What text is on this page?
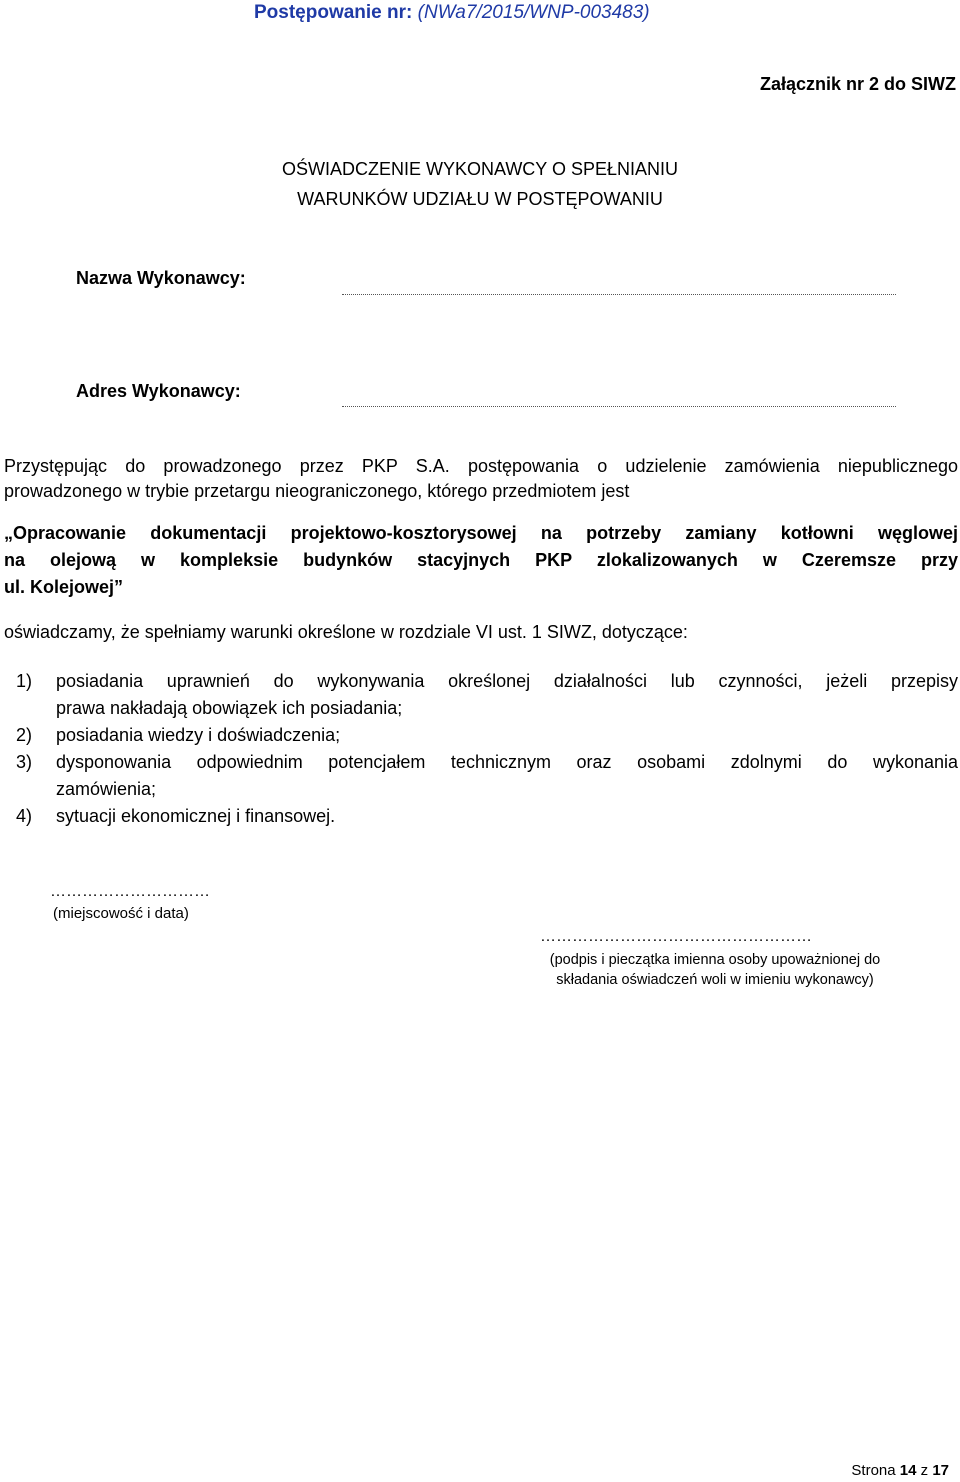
Postępowanie nr: (NWa7/2015/WNP-003483)
Załącznik nr 2 do SIWZ
OŚWIADCZENIE WYKONAWCY O SPEŁNIANIU
WARUNKÓW UDZIAŁU W POSTĘPOWANIU
Nazwa Wykonawcy:
Adres Wykonawcy:
Przystępując do prowadzonego przez PKP S.A. postępowania o udzielenie zamówienia niepublicznego
prowadzonego w trybie przetargu nieograniczonego, którego przedmiotem jest
„Opracowanie dokumentacji projektowo-kosztorysowej na potrzeby zamiany kotłowni węglowej
na olejową w kompleksie budynków stacyjnych PKP zlokalizowanych w Czeremsze przy
ul. Kolejowej”
oświadczamy, że spełniamy warunki określone w rozdziale VI ust. 1 SIWZ, dotyczące:
1) posiadania uprawnień do wykonywania określonej działalności lub czynności, jeżeli przepisy
prawa nakładają obowiązek ich posiadania;
2) posiadania wiedzy i doświadczenia;
3) dysponowania odpowiednim potencjałem technicznym oraz osobami zdolnymi do wykonania
zamówienia;
4) sytuacji ekonomicznej i finansowej.
…………………………
(miejscowość i data)
……………………………………………
(podpis i pieczątka imienna osoby upoważnionej do
składania oświadczeń woli w imieniu wykonawcy)
Strona 14 z 17
